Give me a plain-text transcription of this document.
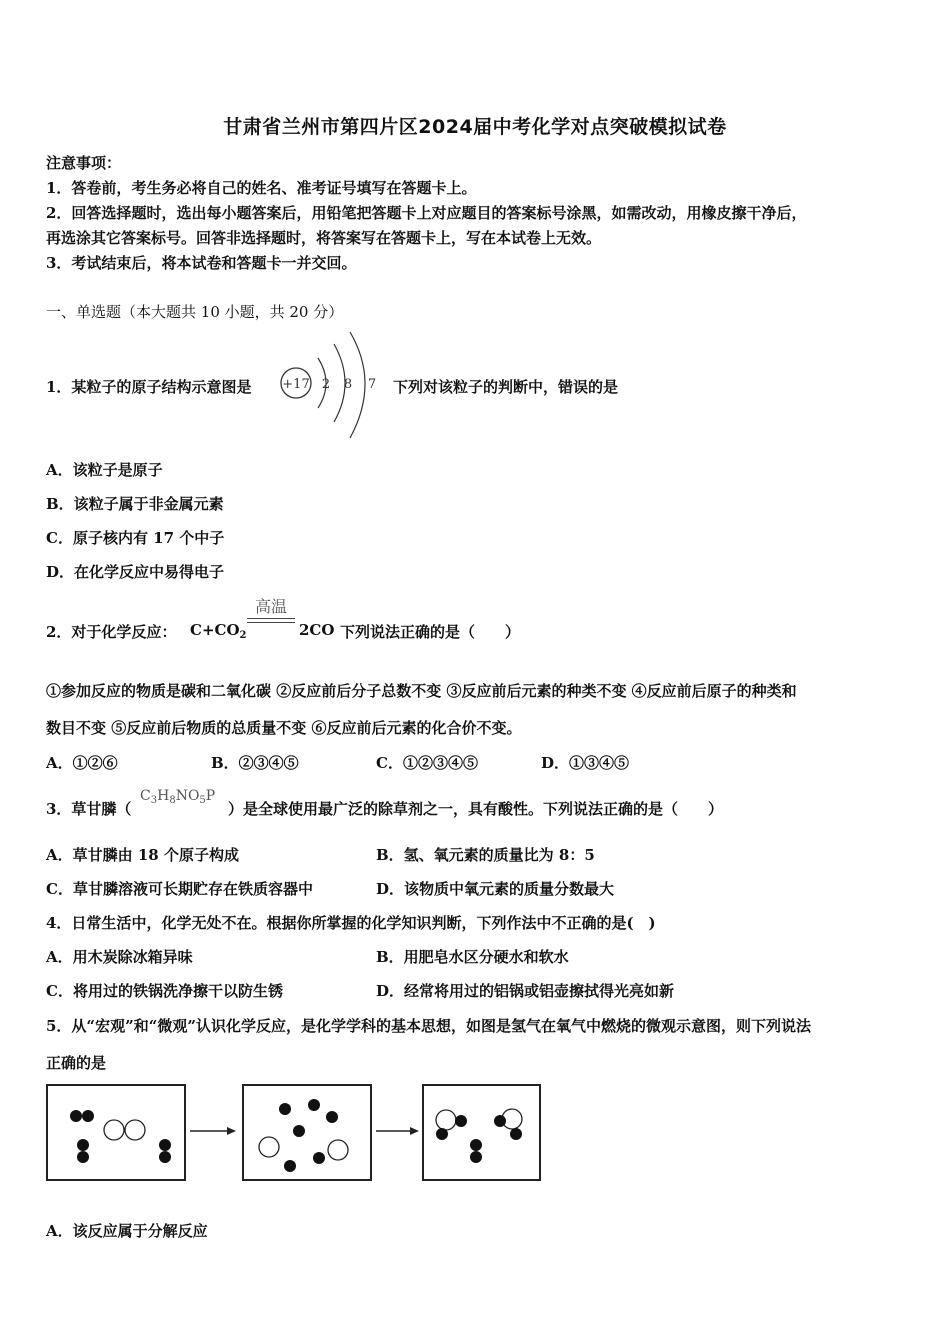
甘肃省兰州市第四片区2024届中考化学对点突破模拟试卷
注意事项：
1．答卷前，考生务必将自己的姓名、准考证号填写在答题卡上。
2．回答选择题时，选出每小题答案后，用铅笔把答题卡上对应题目的答案标号涂黑，如需改动，用橡皮擦干净后，
再选涂其它答案标号。回答非选择题时，将答案写在答题卡上，写在本试卷上无效。
3．考试结束后，将本试卷和答题卡一并交回。
一、单选题（本大题共 10 小题，共 20 分）
1．某粒子的原子结构示意图是 +17 2 8 7 下列对该粒子的判断中，错误的是
A．该粒子是原子
B．该粒子属于非金属元素
C．原子核内有 17 个中子
D．在化学反应中易得电子
2．对于化学反应： $C+CO_2$
高温
2CO 下列说法正确的是（　　）
①参加反应的物质是碳和二氧化碳 ②反应前后分子总数不变 ③反应前后元素的种类不变 ④反应前后原子的种类和
数目不变 ⑤反应前后物质的总质量不变 ⑥反应前后元素的化合价不变。
A．①②⑥	B．②③④⑤	C．①②③④⑤	D．①③④⑤
3．草甘膦（
$C_3H_8NO_5P$
）是全球使用最广泛的除草剂之一，具有酸性。下列说法正确的是（　　）
A．草甘膦由 18 个原子构成	B．氢、氧元素的质量比为 8：5
C．草甘膦溶液可长期贮存在铁质容器中	D．该物质中氧元素的质量分数最大
4．日常生活中，化学无处不在。根据你所掌握的化学知识判断，下列作法中不正确的是(　)
A．用木炭除冰箱异味	B．用肥皂水区分硬水和软水
C．将用过的铁锅洗净擦干以防生锈	D．经常将用过的铝锅或铝壶擦拭得光亮如新
5．从“宏观”和“微观”认识化学反应，是化学学科的基本思想，如图是氢气在氧气中燃烧的微观示意图，则下列说法
正确的是
A．该反应属于分解反应
